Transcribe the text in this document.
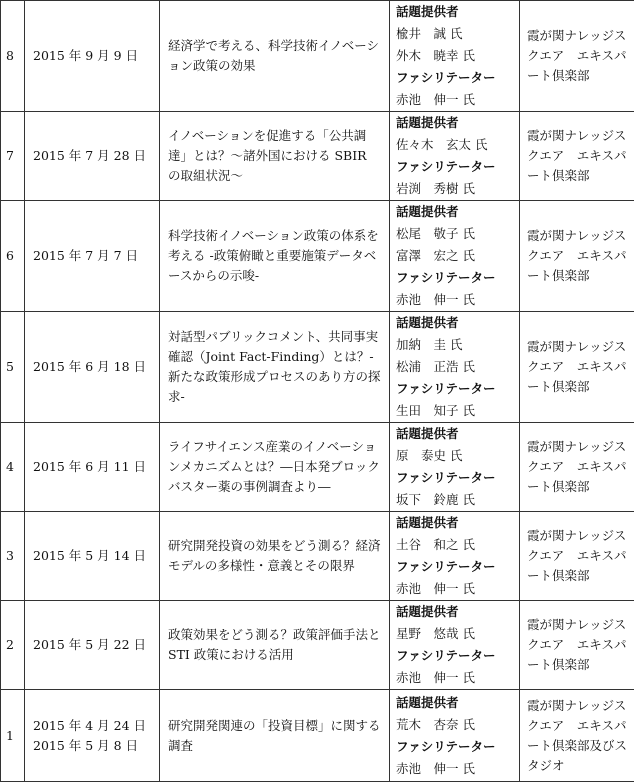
8	2015 年 9 月 9 日	経済学で考える、科学技術イノベーション政策の効果	話題提供者
楡井　誠 氏
外木　暁幸 氏
ファシリテーター
赤池　伸一 氏	霞が関ナレッジスクエア　エキスパート倶楽部
7	2015 年 7 月 28 日	イノベーションを促進する「公共調達」とは？～諸外国における SBIR の取組状況～	話題提供者
佐々木　玄太 氏
ファシリテーター
岩渕　秀樹 氏	霞が関ナレッジスクエア　エキスパート倶楽部
6	2015 年 7 月 7 日	科学技術イノベーション政策の体系を考える -政策俯瞰と重要施策データベースからの示唆-	話題提供者
松尾　敬子 氏
富澤　宏之 氏
ファシリテーター
赤池　伸一 氏	霞が関ナレッジスクエア　エキスパート倶楽部
5	2015 年 6 月 18 日	対話型パブリックコメント、共同事実確認（Joint Fact-Finding）とは？-新たな政策形成プロセスのあり方の探求-	話題提供者
加納　圭 氏
松浦　正浩 氏
ファシリテーター
生田　知子 氏	霞が関ナレッジスクエア　エキスパート倶楽部
4	2015 年 6 月 11 日	ライフサイエンス産業のイノベーションメカニズムとは？―日本発ブロックバスター薬の事例調査より―	話題提供者
原　泰史 氏
ファシリテーター
坂下　鈴鹿 氏	霞が関ナレッジスクエア　エキスパート倶楽部
3	2015 年 5 月 14 日	研究開発投資の効果をどう測る？経済モデルの多様性・意義とその限界	話題提供者
土谷　和之 氏
ファシリテーター
赤池　伸一 氏	霞が関ナレッジスクエア　エキスパート倶楽部
2	2015 年 5 月 22 日	政策効果をどう測る？政策評価手法と　STI 政策における活用	話題提供者
星野　悠哉 氏
ファシリテーター
赤池　伸一 氏	霞が関ナレッジスクエア　エキスパート倶楽部
1	2015 年 4 月 24 日
2015 年 5 月 8 日	研究開発関連の「投資目標」に関する調査	話題提供者
荒木　杏奈 氏
ファシリテーター
赤池　伸一 氏	霞が関ナレッジスクエア　エキスパート倶楽部及びスタジオ
